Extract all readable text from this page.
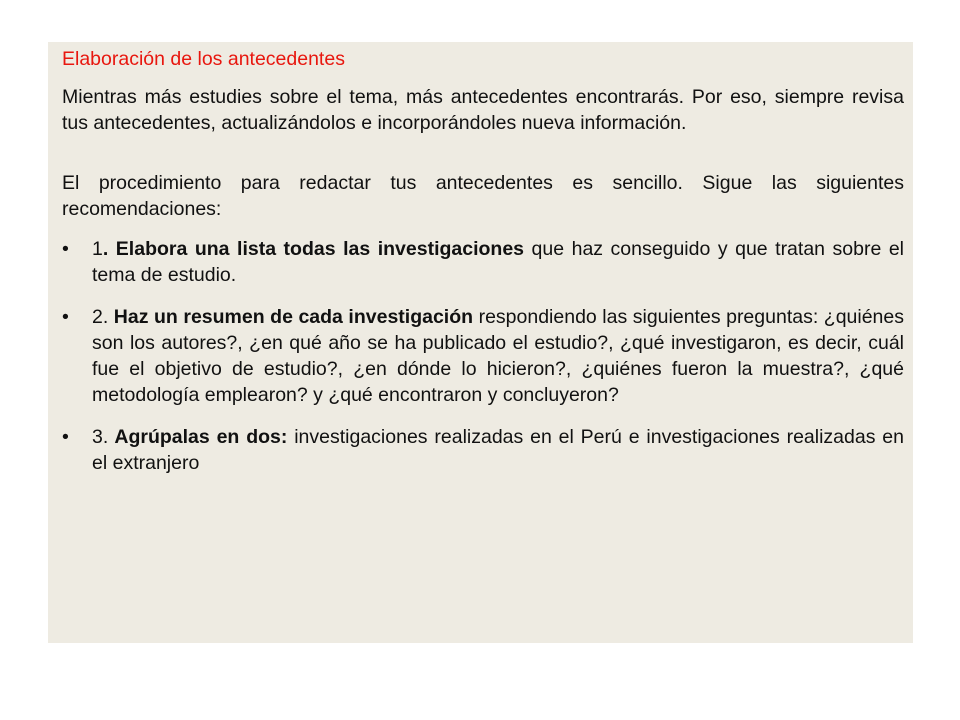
Elaboración de los antecedentes

Mientras más estudies sobre el tema, más antecedentes encontrarás. Por eso, siempre revisa tus antecedentes, actualizándolos e incorporándoles nueva información.

El procedimiento para redactar tus antecedentes es sencillo. Sigue las siguientes recomendaciones:

•	1. Elabora una lista todas las investigaciones que haz conseguido y que tratan sobre el tema de estudio.
•	2. Haz un resumen de cada investigación respondiendo las siguientes preguntas: ¿quiénes son los autores?, ¿en qué año se ha publicado el estudio?, ¿qué investigaron, es decir, cuál fue el objetivo de estudio?, ¿en dónde lo hicieron?, ¿quiénes fueron la muestra?, ¿qué metodología emplearon? y ¿qué encontraron y concluyeron?
•	3. Agrúpalas en dos: investigaciones realizadas en el Perú e investigaciones realizadas en el extranjero
